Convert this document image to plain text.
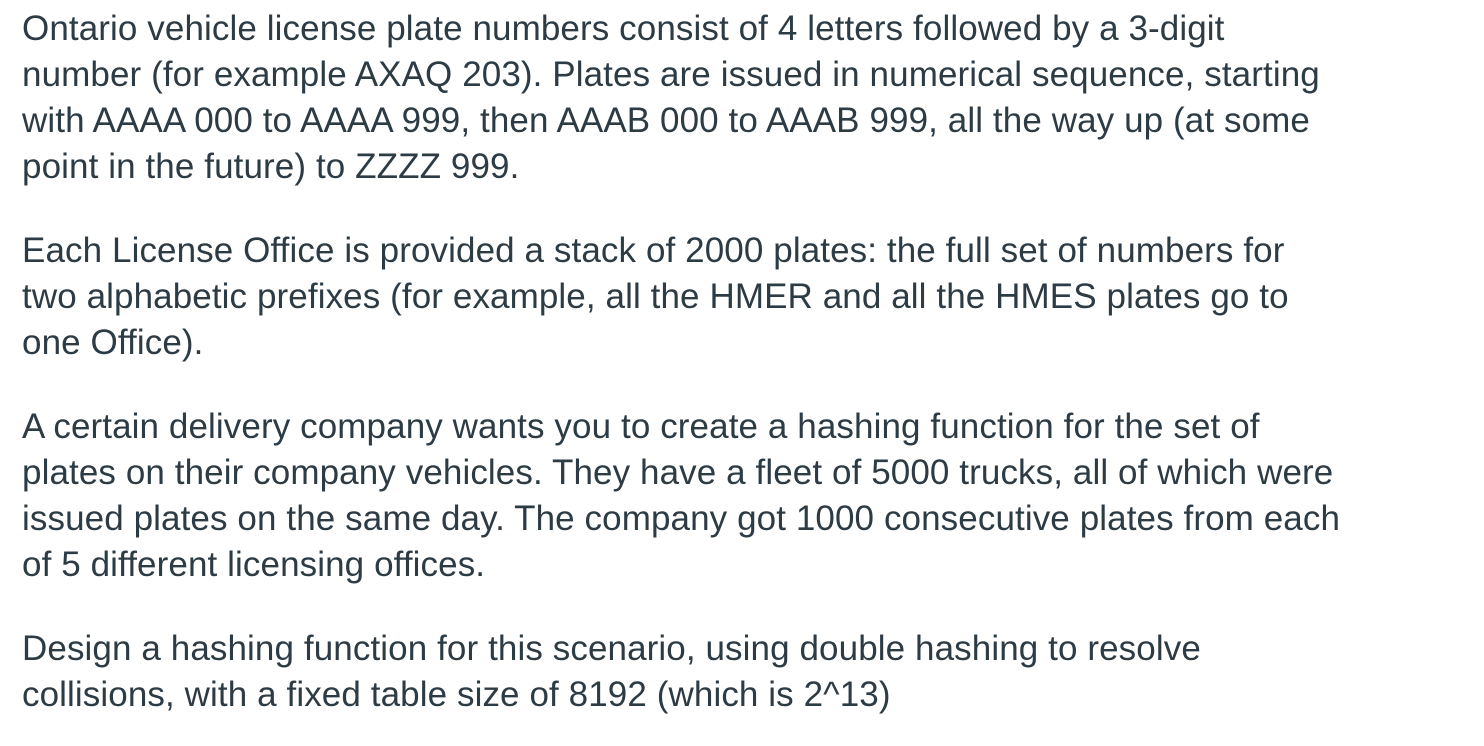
Ontario vehicle license plate numbers consist of 4 letters followed by a 3-digit
number (for example AXAQ 203). Plates are issued in numerical sequence, starting
with AAAA 000 to AAAA 999, then AAAB 000 to AAAB 999, all the way up (at some
point in the future) to ZZZZ 999.

Each License Office is provided a stack of 2000 plates: the full set of numbers for
two alphabetic prefixes (for example, all the HMER and all the HMES plates go to
one Office).

A certain delivery company wants you to create a hashing function for the set of
plates on their company vehicles. They have a fleet of 5000 trucks, all of which were
issued plates on the same day. The company got 1000 consecutive plates from each
of 5 different licensing offices.

Design a hashing function for this scenario, using double hashing to resolve
collisions, with a fixed table size of 8192 (which is 2^13)
